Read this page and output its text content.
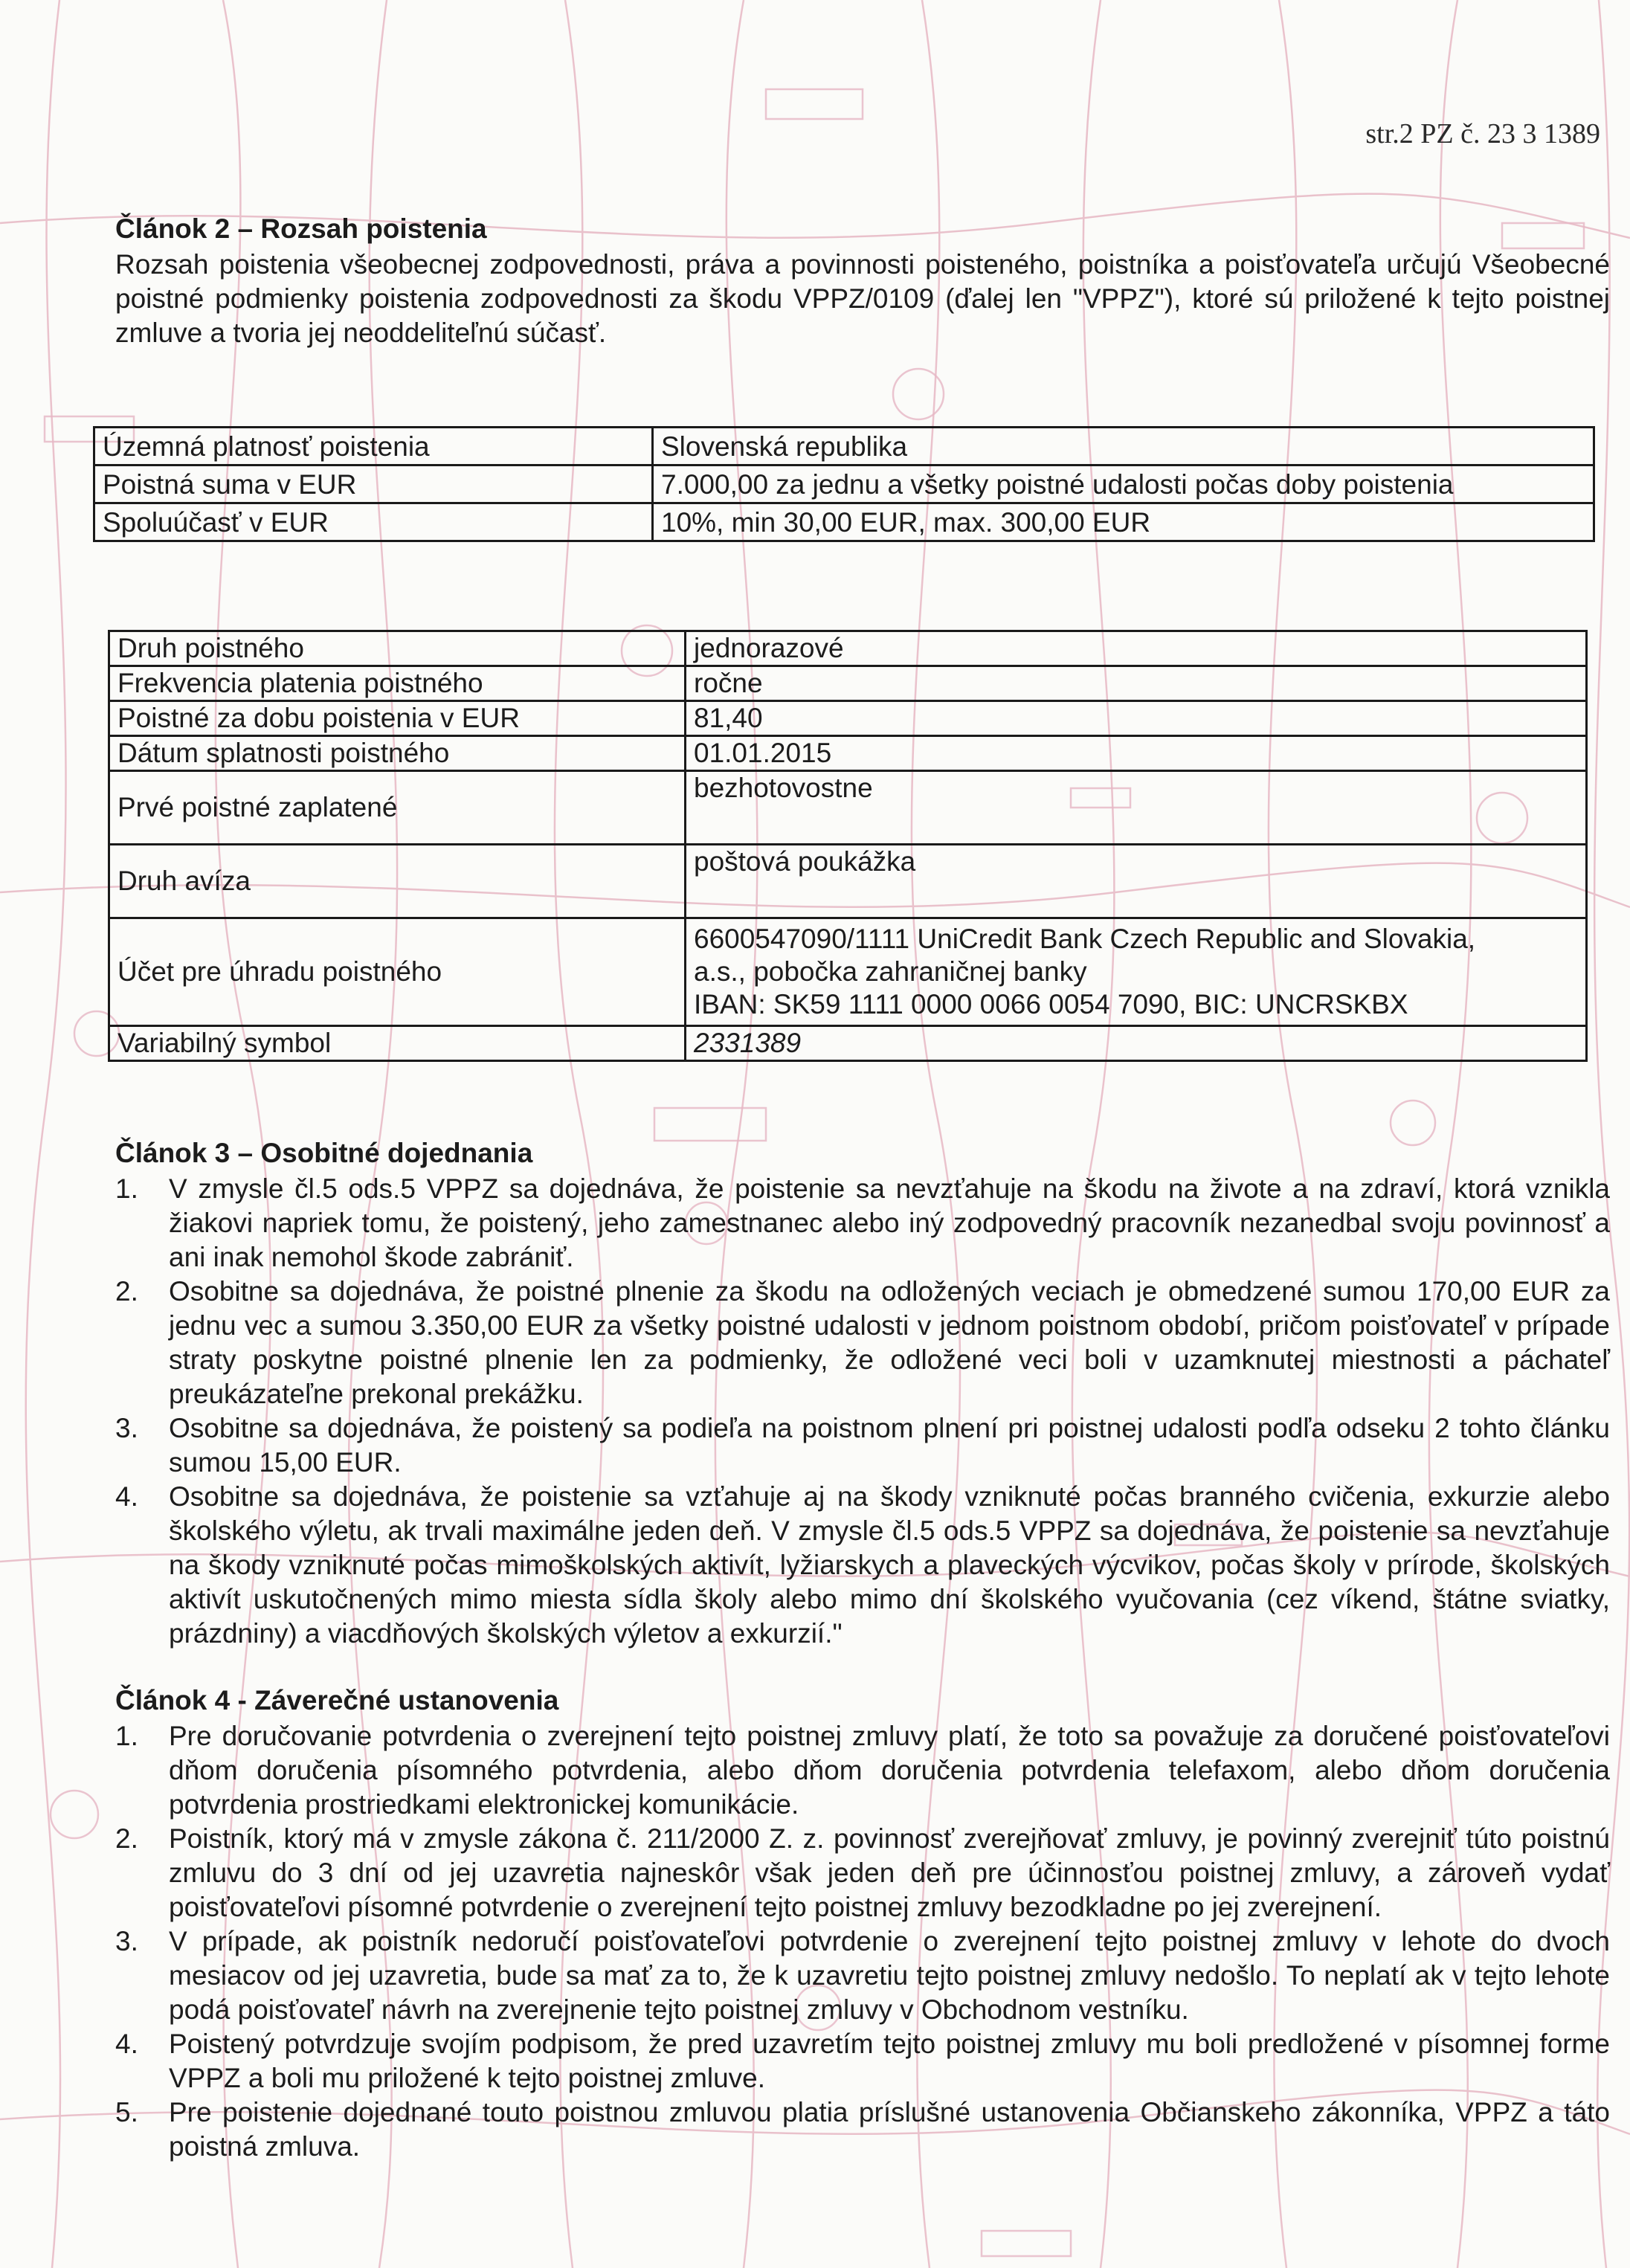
str.2 PZ č. 23 3 1389
Článok 2 – Rozsah poistenia

Rozsah poistenia všeobecnej zodpovednosti, práva a povinnosti poisteného, poistníka a poisťovateľa určujú Všeobecné poistné podmienky poistenia zodpovednosti za škodu VPPZ/0109 (ďalej len "VPPZ"), ktoré sú priložené k tejto poistnej zmluve a tvoria jej neoddeliteľnú súčasť.

Územná platnosť poistenia	Slovenská republika
Poistná suma v EUR	7.000,00 za jednu a všetky poistné udalosti počas doby poistenia
Spoluúčasť v EUR	10%, min 30,00 EUR, max. 300,00 EUR
Druh poistného	jednorazové
Frekvencia platenia poistného	ročne
Poistné za dobu poistenia v EUR	81,40
Dátum splatnosti poistného	01.01.2015
Prvé poistné zaplatené	bezhotovostne
Druh avíza	poštová poukážka
Účet pre úhradu poistného	6600547090/1111 UniCredit Bank Czech Republic and Slovakia,
a.s., pobočka zahraničnej banky
IBAN: SK59 1111 0000 0066 0054 7090, BIC: UNCRSKBX

Variabilný symbol	2331389
Článok 3 – Osobitné dojednania
1. V zmysle čl.5 ods.5 VPPZ sa dojednáva, že poistenie sa nevzťahuje na škodu na živote a na zdraví, ktorá vznikla žiakovi napriek tomu, že poistený, jeho zamestnanec alebo iný zodpovedný pracovník nezanedbal svoju povinnosť a ani inak nemohol škode zabrániť.
2. Osobitne sa dojednáva, že poistné plnenie za škodu na odložených veciach je obmedzené sumou 170,00 EUR za jednu vec a sumou 3.350,00 EUR za všetky poistné udalosti v jednom poistnom období, pričom poisťovateľ v prípade straty poskytne poistné plnenie len za podmienky, že odložené veci boli v uzamknutej miestnosti a páchateľ preukázateľne prekonal prekážku.
3. Osobitne sa dojednáva, že poistený sa podieľa na poistnom plnení pri poistnej udalosti podľa odseku 2 tohto článku sumou 15,00 EUR.
4. Osobitne sa dojednáva, že poistenie sa vzťahuje aj na škody vzniknuté počas branného cvičenia, exkurzie alebo školského výletu, ak trvali maximálne jeden deň. V zmysle čl.5 ods.5 VPPZ sa dojednáva, že poistenie sa nevzťahuje na škody vzniknuté počas mimoškolských aktivít, lyžiarskych a plaveckých výcvikov, počas školy v prírode, školských aktivít uskutočnených mimo miesta sídla školy alebo mimo dní školského vyučovania (cez víkend, štátne sviatky, prázdniny) a viacdňových školských výletov a exkurzií."
Článok 4 - Záverečné ustanovenia
1. Pre doručovanie potvrdenia o zverejnení tejto poistnej zmluvy platí, že toto sa považuje za doručené poisťovateľovi dňom doručenia písomného potvrdenia, alebo dňom doručenia potvrdenia telefaxom, alebo dňom doručenia potvrdenia prostriedkami elektronickej komunikácie.
2. Poistník, ktorý má v zmysle zákona č. 211/2000 Z. z. povinnosť zverejňovať zmluvy, je povinný zverejniť túto poistnú zmluvu do 3 dní od jej uzavretia najneskôr však jeden deň pre účinnosťou poistnej zmluvy, a zároveň vydať poisťovateľovi písomné potvrdenie o zverejnení tejto poistnej zmluvy bezodkladne po jej zverejnení.
3. V prípade, ak poistník nedoručí poisťovateľovi potvrdenie o zverejnení tejto poistnej zmluvy v lehote do dvoch mesiacov od jej uzavretia, bude sa mať za to, že k uzavretiu tejto poistnej zmluvy nedošlo. To neplatí ak v tejto lehote podá poisťovateľ návrh na zverejnenie tejto poistnej zmluvy v Obchodnom vestníku.
4. Poistený potvrdzuje svojím podpisom, že pred uzavretím tejto poistnej zmluvy mu boli predložené v písomnej forme VPPZ a boli mu priložené k tejto poistnej zmluve.
5. Pre poistenie dojednané touto poistnou zmluvou platia príslušné ustanovenia Občianskeho zákonníka, VPPZ a táto poistná zmluva.
